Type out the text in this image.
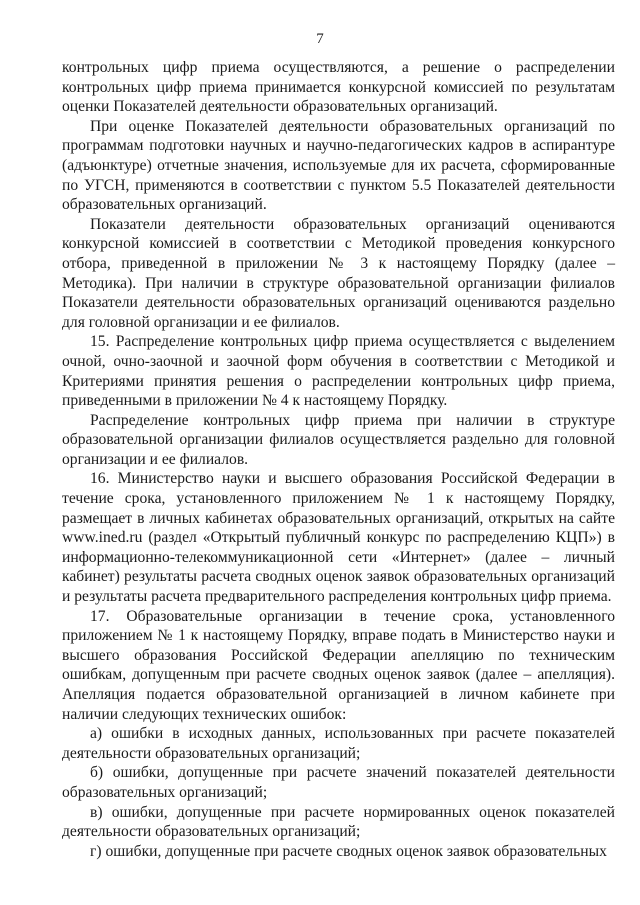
7

контрольных цифр приема осуществляются, а решение о распределении контрольных цифр приема принимается конкурсной комиссией по результатам оценки Показателей деятельности образовательных организаций.

При оценке Показателей деятельности образовательных организаций по программам подготовки научных и научно-педагогических кадров в аспирантуре (адъюнктуре) отчетные значения, используемые для их расчета, сформированные по УГСН, применяются в соответствии с пунктом 5.5 Показателей деятельности образовательных организаций.

Показатели деятельности образовательных организаций оцениваются конкурсной комиссией в соответствии с Методикой проведения конкурсного отбора, приведенной в приложении № 3 к настоящему Порядку (далее – Методика). При наличии в структуре образовательной организации филиалов Показатели деятельности образовательных организаций оцениваются раздельно для головной организации и ее филиалов.

15. Распределение контрольных цифр приема осуществляется с выделением очной, очно-заочной и заочной форм обучения в соответствии с Методикой и Критериями принятия решения о распределении контрольных цифр приема, приведенными в приложении № 4 к настоящему Порядку.

Распределение контрольных цифр приема при наличии в структуре образовательной организации филиалов осуществляется раздельно для головной организации и ее филиалов.

16. Министерство науки и высшего образования Российской Федерации в течение срока, установленного приложением № 1 к настоящему Порядку, размещает в личных кабинетах образовательных организаций, открытых на сайте www.ined.ru (раздел «Открытый публичный конкурс по распределению КЦП») в информационно-телекоммуникационной сети «Интернет» (далее – личный кабинет) результаты расчета сводных оценок заявок образовательных организаций и результаты расчета предварительного распределения контрольных цифр приема.

17. Образовательные организации в течение срока, установленного приложением № 1 к настоящему Порядку, вправе подать в Министерство науки и высшего образования Российской Федерации апелляцию по техническим ошибкам, допущенным при расчете сводных оценок заявок (далее – апелляция). Апелляция подается образовательной организацией в личном кабинете при наличии следующих технических ошибок:

а) ошибки в исходных данных, использованных при расчете показателей деятельности образовательных организаций;

б) ошибки, допущенные при расчете значений показателей деятельности образовательных организаций;

в) ошибки, допущенные при расчете нормированных оценок показателей деятельности образовательных организаций;

г) ошибки, допущенные при расчете сводных оценок заявок образовательных
